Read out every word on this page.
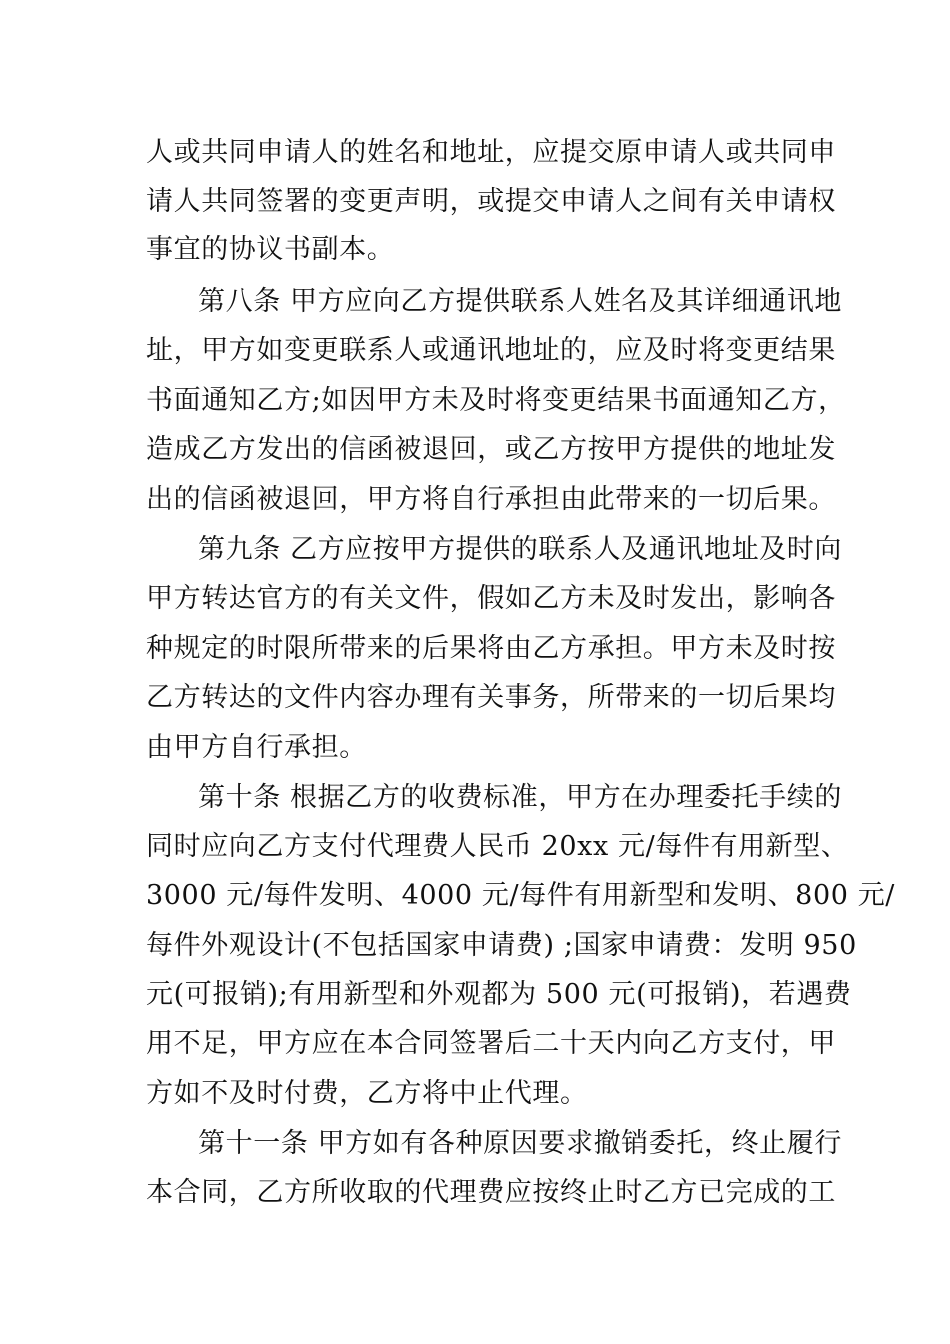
人或共同申请人的姓名和地址，应提交原申请人或共同申
请人共同签署的变更声明，或提交申请人之间有关申请权
事宜的协议书副本。
第八条 甲方应向乙方提供联系人姓名及其详细通讯地
址，甲方如变更联系人或通讯地址的，应及时将变更结果
书面通知乙方;如因甲方未及时将变更结果书面通知乙方，
造成乙方发出的信函被退回，或乙方按甲方提供的地址发
出的信函被退回，甲方将自行承担由此带来的一切后果。
第九条 乙方应按甲方提供的联系人及通讯地址及时向
甲方转达官方的有关文件，假如乙方未及时发出，影响各
种规定的时限所带来的后果将由乙方承担。甲方未及时按
乙方转达的文件内容办理有关事务，所带来的一切后果均
由甲方自行承担。
第十条 根据乙方的收费标准，甲方在办理委托手续的
同时应向乙方支付代理费人民币 20xx 元/每件有用新型、
3000 元/每件发明、4000 元/每件有用新型和发明、800 元/
每件外观设计(不包括国家申请费) ;国家申请费：发明 950
元(可报销);有用新型和外观都为 500 元(可报销)，若遇费
用不足，甲方应在本合同签署后二十天内向乙方支付，甲
方如不及时付费，乙方将中止代理。
第十一条 甲方如有各种原因要求撤销委托，终止履行
本合同，乙方所收取的代理费应按终止时乙方已完成的工
